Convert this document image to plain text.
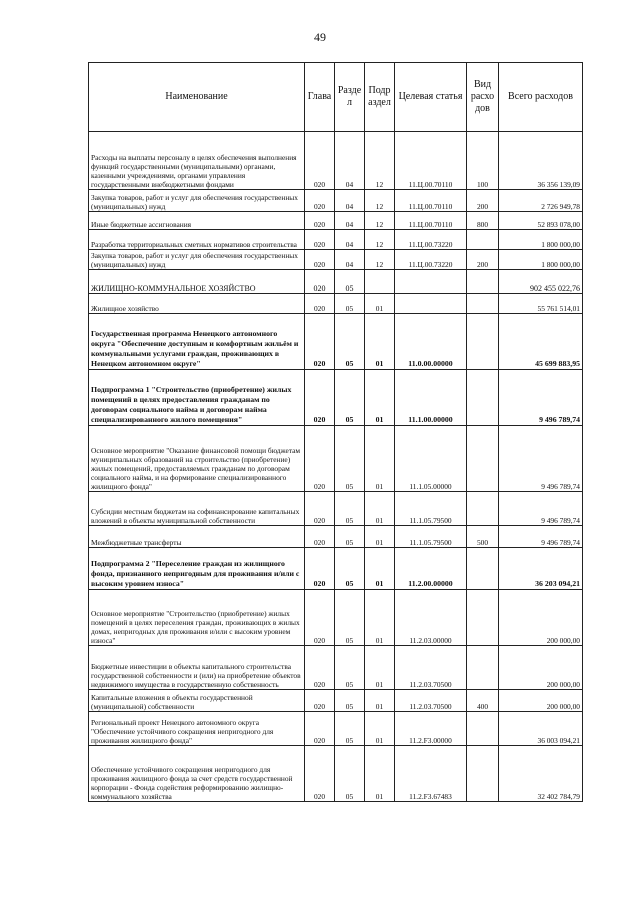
49
Наименование	Глава	Разде л	Подр аздел	Целевая статья	Вид расхо дов	Всего расходов
Расходы на выплаты персоналу в целях обеспечения выполнения функций государственными (муниципальными) органами, казенными учреждениями, органами управления государственными внебюджетными фондами	020	04	12	11.Ц.00.70110	100	36 356 139,09
Закупка товаров, работ и услуг для обеспечения государственных (муниципальных) нужд	020	04	12	11.Ц.00.70110	200	2 726 949,78
Иные бюджетные ассигнования	020	04	12	11.Ц.00.70110	800	52 893 078,00
Разработка территориальных сметных нормативов строительства	020	04	12	11.Ц.00.73220		1 800 000,00
Закупка товаров, работ и услуг для обеспечения государственных (муниципальных) нужд	020	04	12	11.Ц.00.73220	200	1 800 000,00
ЖИЛИЩНО-КОММУНАЛЬНОЕ ХОЗЯЙСТВО	020	05				902 455 022,76
Жилищное хозяйство	020	05	01			55 761 514,01
Государственная программа Ненецкого автономного округа "Обеспечение доступным и комфортным жильём и коммунальными услугами граждан, проживающих в Ненецком автономном округе"	020	05	01	11.0.00.00000		45 699 883,95
Подпрограмма 1 "Строительство (приобретение) жилых помещений в целях предоставления гражданам по договорам социального найма и договорам найма специализированного жилого помещения"	020	05	01	11.1.00.00000		9 496 789,74
Основное мероприятие "Оказание финансовой помощи бюджетам муниципальных образований на строительство (приобретение) жилых помещений, предоставляемых гражданам по договорам социального найма, и на формирование специализированного жилищного фонда"	020	05	01	11.1.05.00000		9 496 789,74
Субсидии местным бюджетам на софинансирование капитальных вложений в объекты муниципальной собственности	020	05	01	11.1.05.79500		9 496 789,74
Межбюджетные трансферты	020	05	01	11.1.05.79500	500	9 496 789,74
Подпрограмма 2 "Переселение граждан из жилищного фонда, признанного непригодным для проживания и/или с высоким уровнем износа"	020	05	01	11.2.00.00000		36 203 094,21
Основное мероприятие "Строительство (приобретение) жилых помещений в целях переселения граждан, проживающих в жилых домах, непригодных для проживания и/или с высоким уровнем износа"	020	05	01	11.2.03.00000		200 000,00
Бюджетные инвестиции в объекты капитального строительства государственной собственности и (или) на приобретение объектов недвижимого имущества в государственную собственность	020	05	01	11.2.03.70500		200 000,00
Капитальные вложения в объекты государственной (муниципальной) собственности	020	05	01	11.2.03.70500	400	200 000,00
Региональный проект Ненецкого автономного округа "Обеспечение устойчивого сокращения непригодного для проживания жилищного фонда"	020	05	01	11.2.F3.00000		36 003 094,21
Обеспечение устойчивого сокращения непригодного для проживания жилищного фонда за счет средств государственной корпорации - Фонда содействия реформированию жилищно-коммунального хозяйства	020	05	01	11.2.F3.67483		32 402 784,79
